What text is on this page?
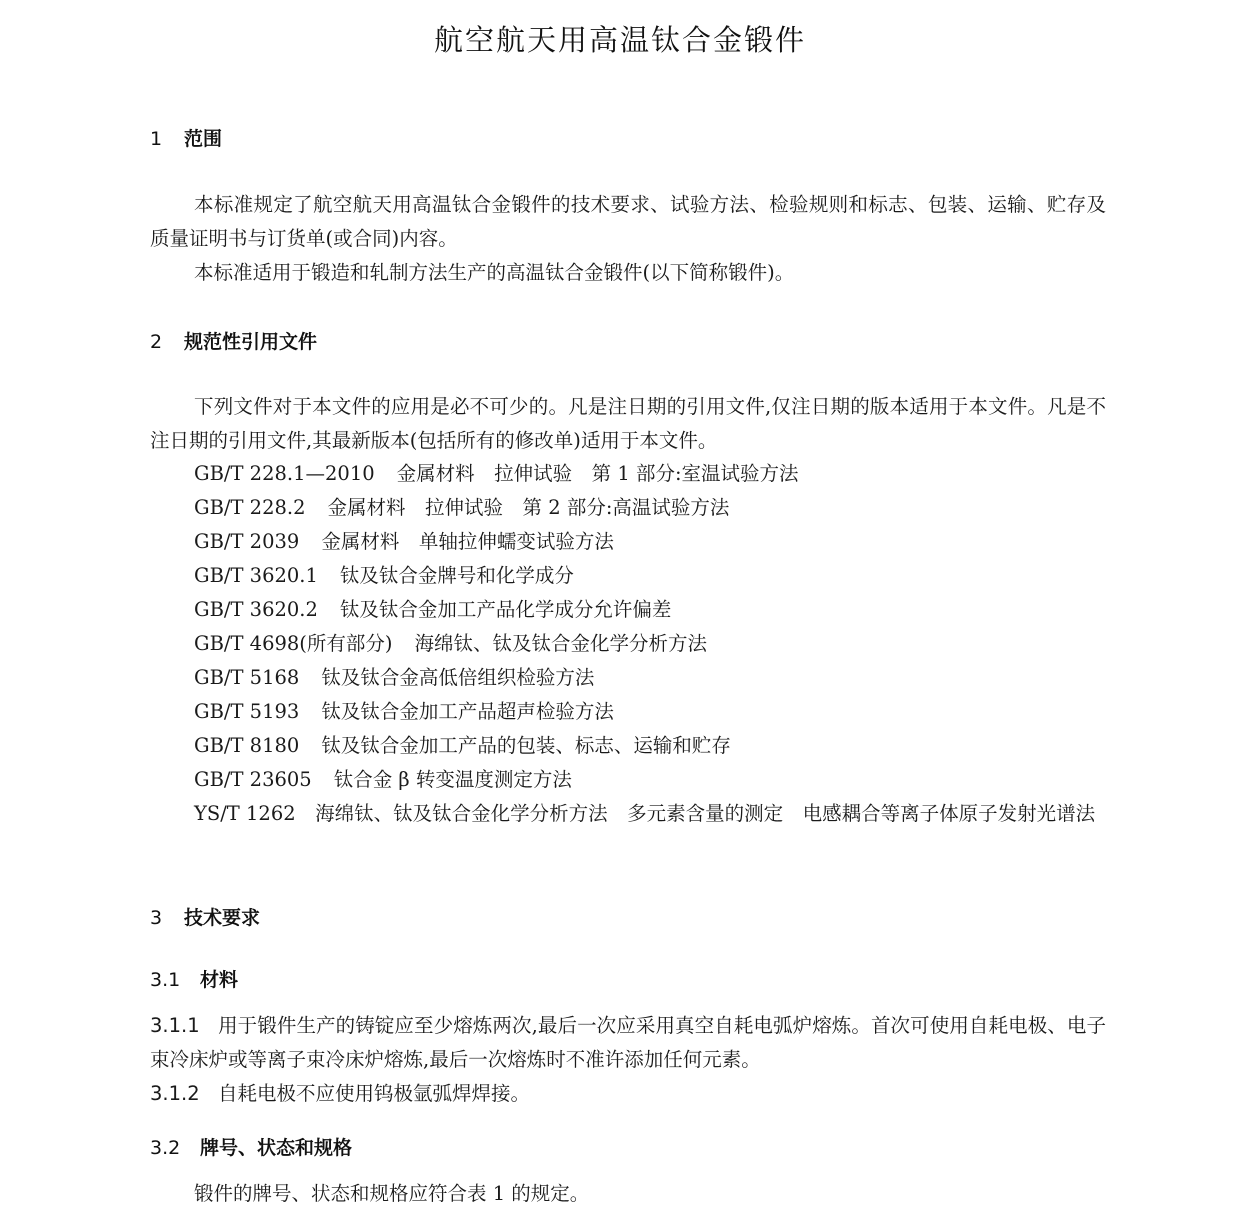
航空航天用高温钛合金锻件
1 范围

本标准规定了航空航天用高温钛合金锻件的技术要求、试验方法、检验规则和标志、包装、运输、贮存及质量证明书与订货单(或合同)内容。

本标准适用于锻造和轧制方法生产的高温钛合金锻件(以下简称锻件)。

2 规范性引用文件

下列文件对于本文件的应用是必不可少的。凡是注日期的引用文件,仅注日期的版本适用于本文件。凡是不注日期的引用文件,其最新版本(包括所有的修改单)适用于本文件。

GB/T 228.1—2010 金属材料　拉伸试验　第 1 部分:室温试验方法
GB/T 228.2 金属材料　拉伸试验　第 2 部分:高温试验方法
GB/T 2039 金属材料　单轴拉伸蠕变试验方法
GB/T 3620.1 钛及钛合金牌号和化学成分
GB/T 3620.2 钛及钛合金加工产品化学成分允许偏差
GB/T 4698(所有部分) 海绵钛、钛及钛合金化学分析方法
GB/T 5168 钛及钛合金高低倍组织检验方法
GB/T 5193 钛及钛合金加工产品超声检验方法
GB/T 8180 钛及钛合金加工产品的包装、标志、运输和贮存
GB/T 23605 钛合金 β 转变温度测定方法
YS/T 1262　海绵钛、钛及钛合金化学分析方法　多元素含量的测定　电感耦合等离子体原子发射光谱法
3 技术要求
3.1 材料
3.1.1 用于锻件生产的铸锭应至少熔炼两次,最后一次应采用真空自耗电弧炉熔炼。首次可使用自耗电极、电子束冷床炉或等离子束冷床炉熔炼,最后一次熔炼时不准许添加任何元素。
3.1.2 自耗电极不应使用钨极氩弧焊焊接。
3.2 牌号、状态和规格

锻件的牌号、状态和规格应符合表 1 的规定。
